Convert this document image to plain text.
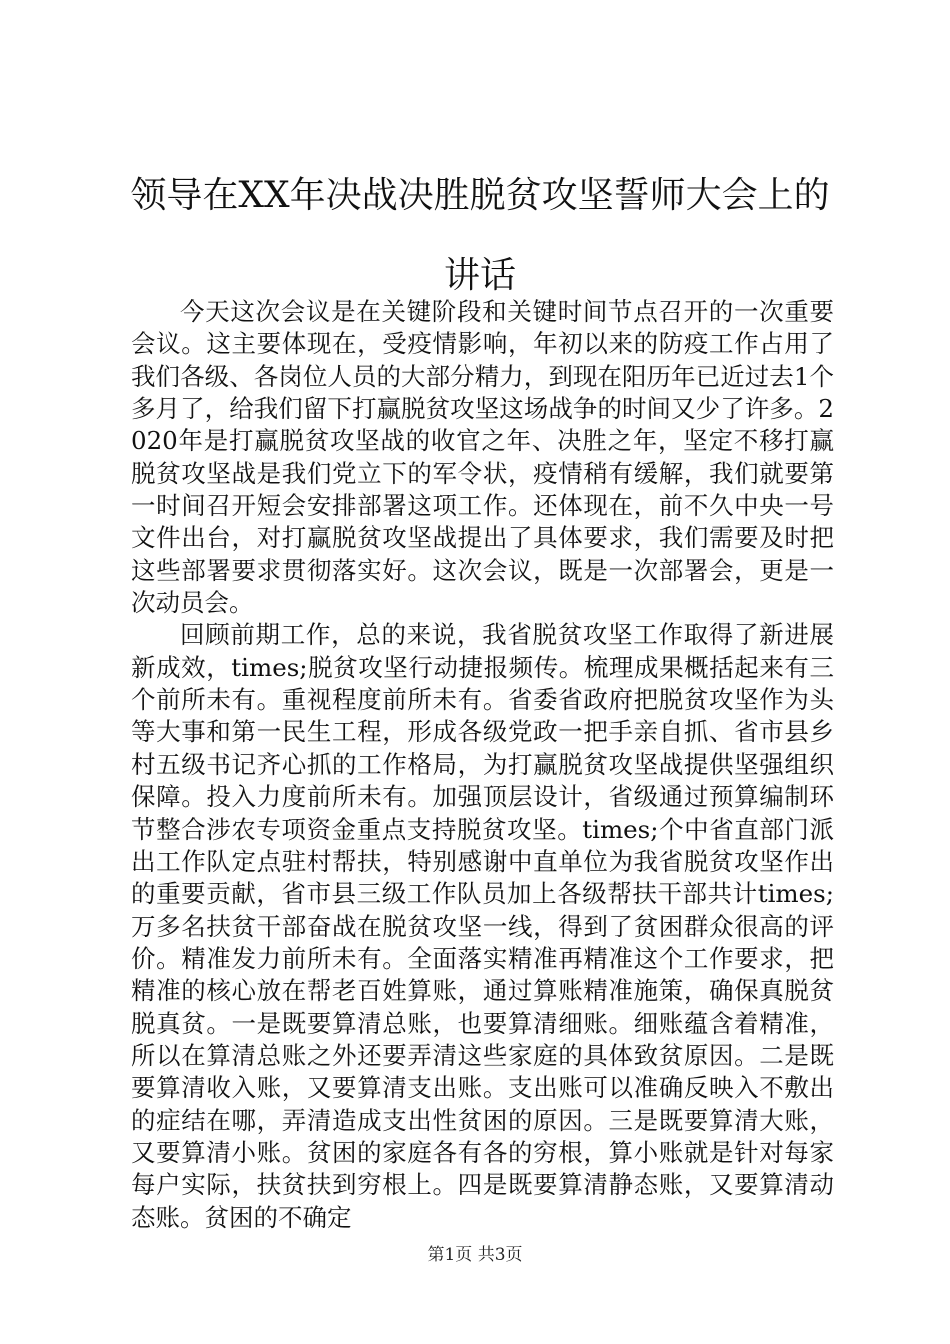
领导在XX年决战决胜脱贫攻坚誓师大会上的
讲话

今天这次会议是在关键阶段和关键时间节点召开的一次重要会议。这主要体现在，受疫情影响，年初以来的防疫工作占用了我们各级、各岗位人员的大部分精力，到现在阳历年已近过去1个多月了，给我们留下打赢脱贫攻坚这场战争的时间又少了许多。2020年是打赢脱贫攻坚战的收官之年、决胜之年，坚定不移打赢脱贫攻坚战是我们党立下的军令状，疫情稍有缓解，我们就要第一时间召开短会安排部署这项工作。还体现在，前不久中央一号文件出台，对打赢脱贫攻坚战提出了具体要求，我们需要及时把这些部署要求贯彻落实好。这次会议，既是一次部署会，更是一次动员会。

回顾前期工作，总的来说，我省脱贫攻坚工作取得了新进展新成效，times;脱贫攻坚行动捷报频传。梳理成果概括起来有三个前所未有。重视程度前所未有。省委省政府把脱贫攻坚作为头等大事和第一民生工程，形成各级党政一把手亲自抓、省市县乡村五级书记齐心抓的工作格局，为打赢脱贫攻坚战提供坚强组织保障。投入力度前所未有。加强顶层设计，省级通过预算编制环节整合涉农专项资金重点支持脱贫攻坚。times;个中省直部门派出工作队定点驻村帮扶，特别感谢中直单位为我省脱贫攻坚作出的重要贡献，省市县三级工作队员加上各级帮扶干部共计times;万多名扶贫干部奋战在脱贫攻坚一线，得到了贫困群众很高的评价。精准发力前所未有。全面落实精准再精准这个工作要求，把精准的核心放在帮老百姓算账，通过算账精准施策，确保真脱贫脱真贫。一是既要算清总账，也要算清细账。细账蕴含着精准，所以在算清总账之外还要弄清这些家庭的具体致贫原因。二是既要算清收入账，又要算清支出账。支出账可以准确反映入不敷出的症结在哪，弄清造成支出性贫困的原因。三是既要算清大账，又要算清小账。贫困的家庭各有各的穷根，算小账就是针对每家每户实际，扶贫扶到穷根上。四是既要算清静态账，又要算清动态账。贫困的不确定

第1页 共3页
